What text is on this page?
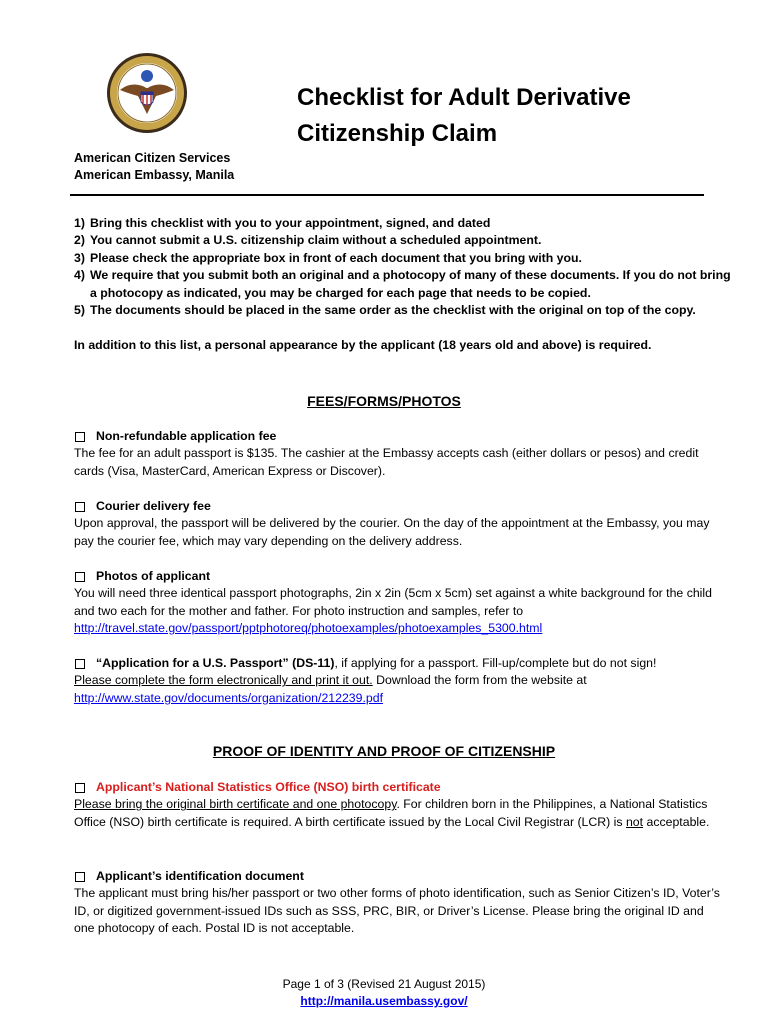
Checklist for Adult Derivative
Citizenship Claim
American Citizen Services
American Embassy, Manila
1) Bring this checklist with you to your appointment, signed, and dated
2) You cannot submit a U.S. citizenship claim without a scheduled appointment.
3) Please check the appropriate box in front of each document that you bring with you.
4) We require that you submit both an original and a photocopy of many of these documents. If you do not bring a photocopy as indicated, you may be charged for each page that needs to be copied.
5) The documents should be placed in the same order as the checklist with the original on top of the copy.
In addition to this list, a personal appearance by the applicant (18 years old and above) is required.
FEES/FORMS/PHOTOS
Non-refundable application fee
The fee for an adult passport is $135. The cashier at the Embassy accepts cash (either dollars or pesos) and credit cards (Visa, MasterCard, American Express or Discover).
Courier delivery fee
Upon approval, the passport will be delivered by the courier. On the day of the appointment at the Embassy, you may pay the courier fee, which may vary depending on the delivery address.
Photos of applicant
You will need three identical passport photographs, 2in x 2in (5cm x 5cm) set against a white background for the child and two each for the mother and father. For photo instruction and samples, refer to
http://travel.state.gov/passport/pptphotoreq/photoexamples/photoexamples_5300.html
“Application for a U.S. Passport” (DS-11), if applying for a passport. Fill-up/complete but do not sign!
Please complete the form electronically and print it out. Download the form from the website at
http://www.state.gov/documents/organization/212239.pdf
PROOF OF IDENTITY AND PROOF OF CITIZENSHIP
Applicant’s National Statistics Office (NSO) birth certificate
Please bring the original birth certificate and one photocopy. For children born in the Philippines, a National Statistics Office (NSO) birth certificate is required. A birth certificate issued by the Local Civil Registrar (LCR) is not acceptable.
Applicant’s identification document
The applicant must bring his/her passport or two other forms of photo identification, such as Senior Citizen’s ID, Voter’s ID, or digitized government-issued IDs such as SSS, PRC, BIR, or Driver’s License. Please bring the original ID and one photocopy of each. Postal ID is not acceptable.
Page 1 of 3 (Revised 21 August 2015)
http://manila.usembassy.gov/
